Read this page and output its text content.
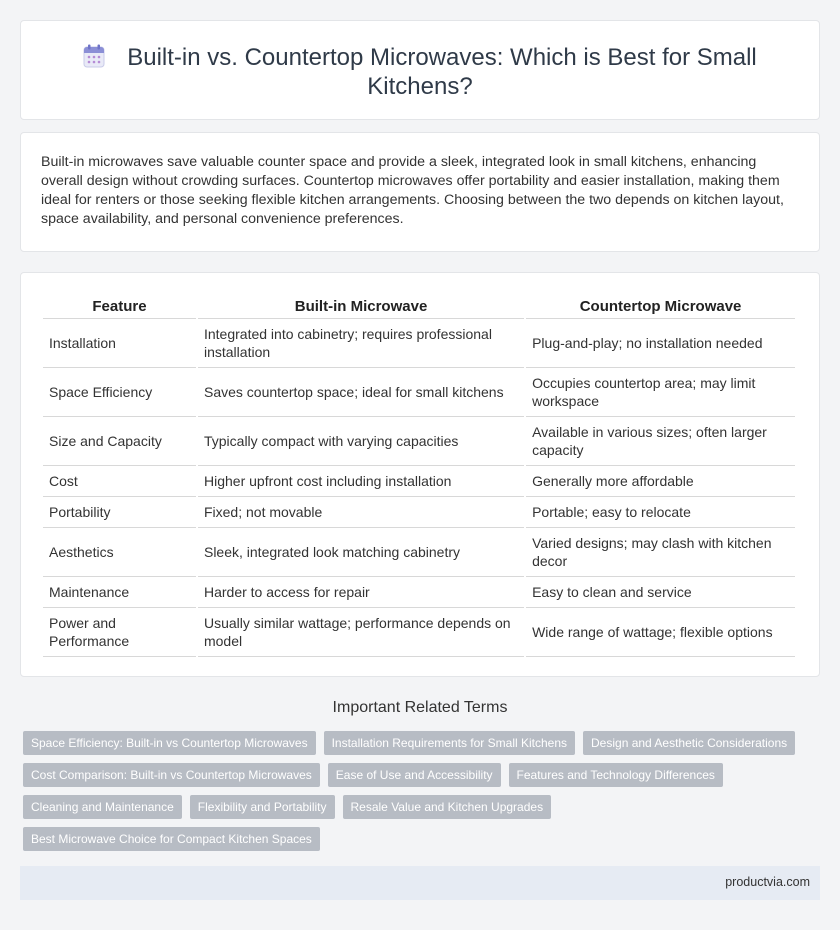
Built-in vs. Countertop Microwaves: Which is Best for Small Kitchens?

Built-in microwaves save valuable counter space and provide a sleek, integrated look in small kitchens, enhancing overall design without crowding surfaces. Countertop microwaves offer portability and easier installation, making them ideal for renters or those seeking flexible kitchen arrangements. Choosing between the two depends on kitchen layout, space availability, and personal convenience preferences.

Feature	Built-in Microwave	Countertop Microwave
Installation	Integrated into cabinetry; requires professional installation	Plug-and-play; no installation needed
Space Efficiency	Saves countertop space; ideal for small kitchens	Occupies countertop area; may limit workspace
Size and Capacity	Typically compact with varying capacities	Available in various sizes; often larger capacity
Cost	Higher upfront cost including installation	Generally more affordable
Portability	Fixed; not movable	Portable; easy to relocate
Aesthetics	Sleek, integrated look matching cabinetry	Varied designs; may clash with kitchen decor
Maintenance	Harder to access for repair	Easy to clean and service
Power and Performance	Usually similar wattage; performance depends on model	Wide range of wattage; flexible options
Important Related Terms
Space Efficiency: Built-in vs Countertop Microwaves	Installation Requirements for Small Kitchens	Design and Aesthetic Considerations
Cost Comparison: Built-in vs Countertop Microwaves	Ease of Use and Accessibility	Features and Technology Differences
Cleaning and Maintenance	Flexibility and Portability	Resale Value and Kitchen Upgrades
Best Microwave Choice for Compact Kitchen Spaces
productvia.com
